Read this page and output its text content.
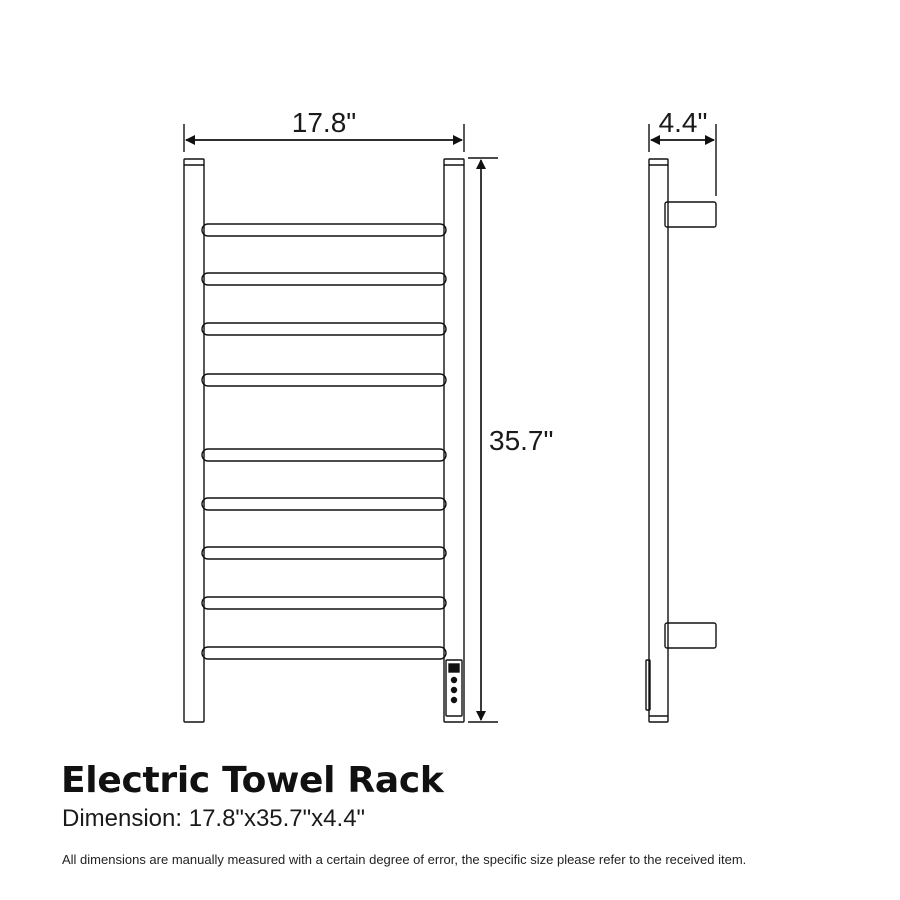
17.8"
35.7"
4.4"
Electric Towel Rack
Dimension: 17.8"x35.7"x4.4"
All dimensions are manually measured with a certain degree of error, the specific size please refer to the received item.
